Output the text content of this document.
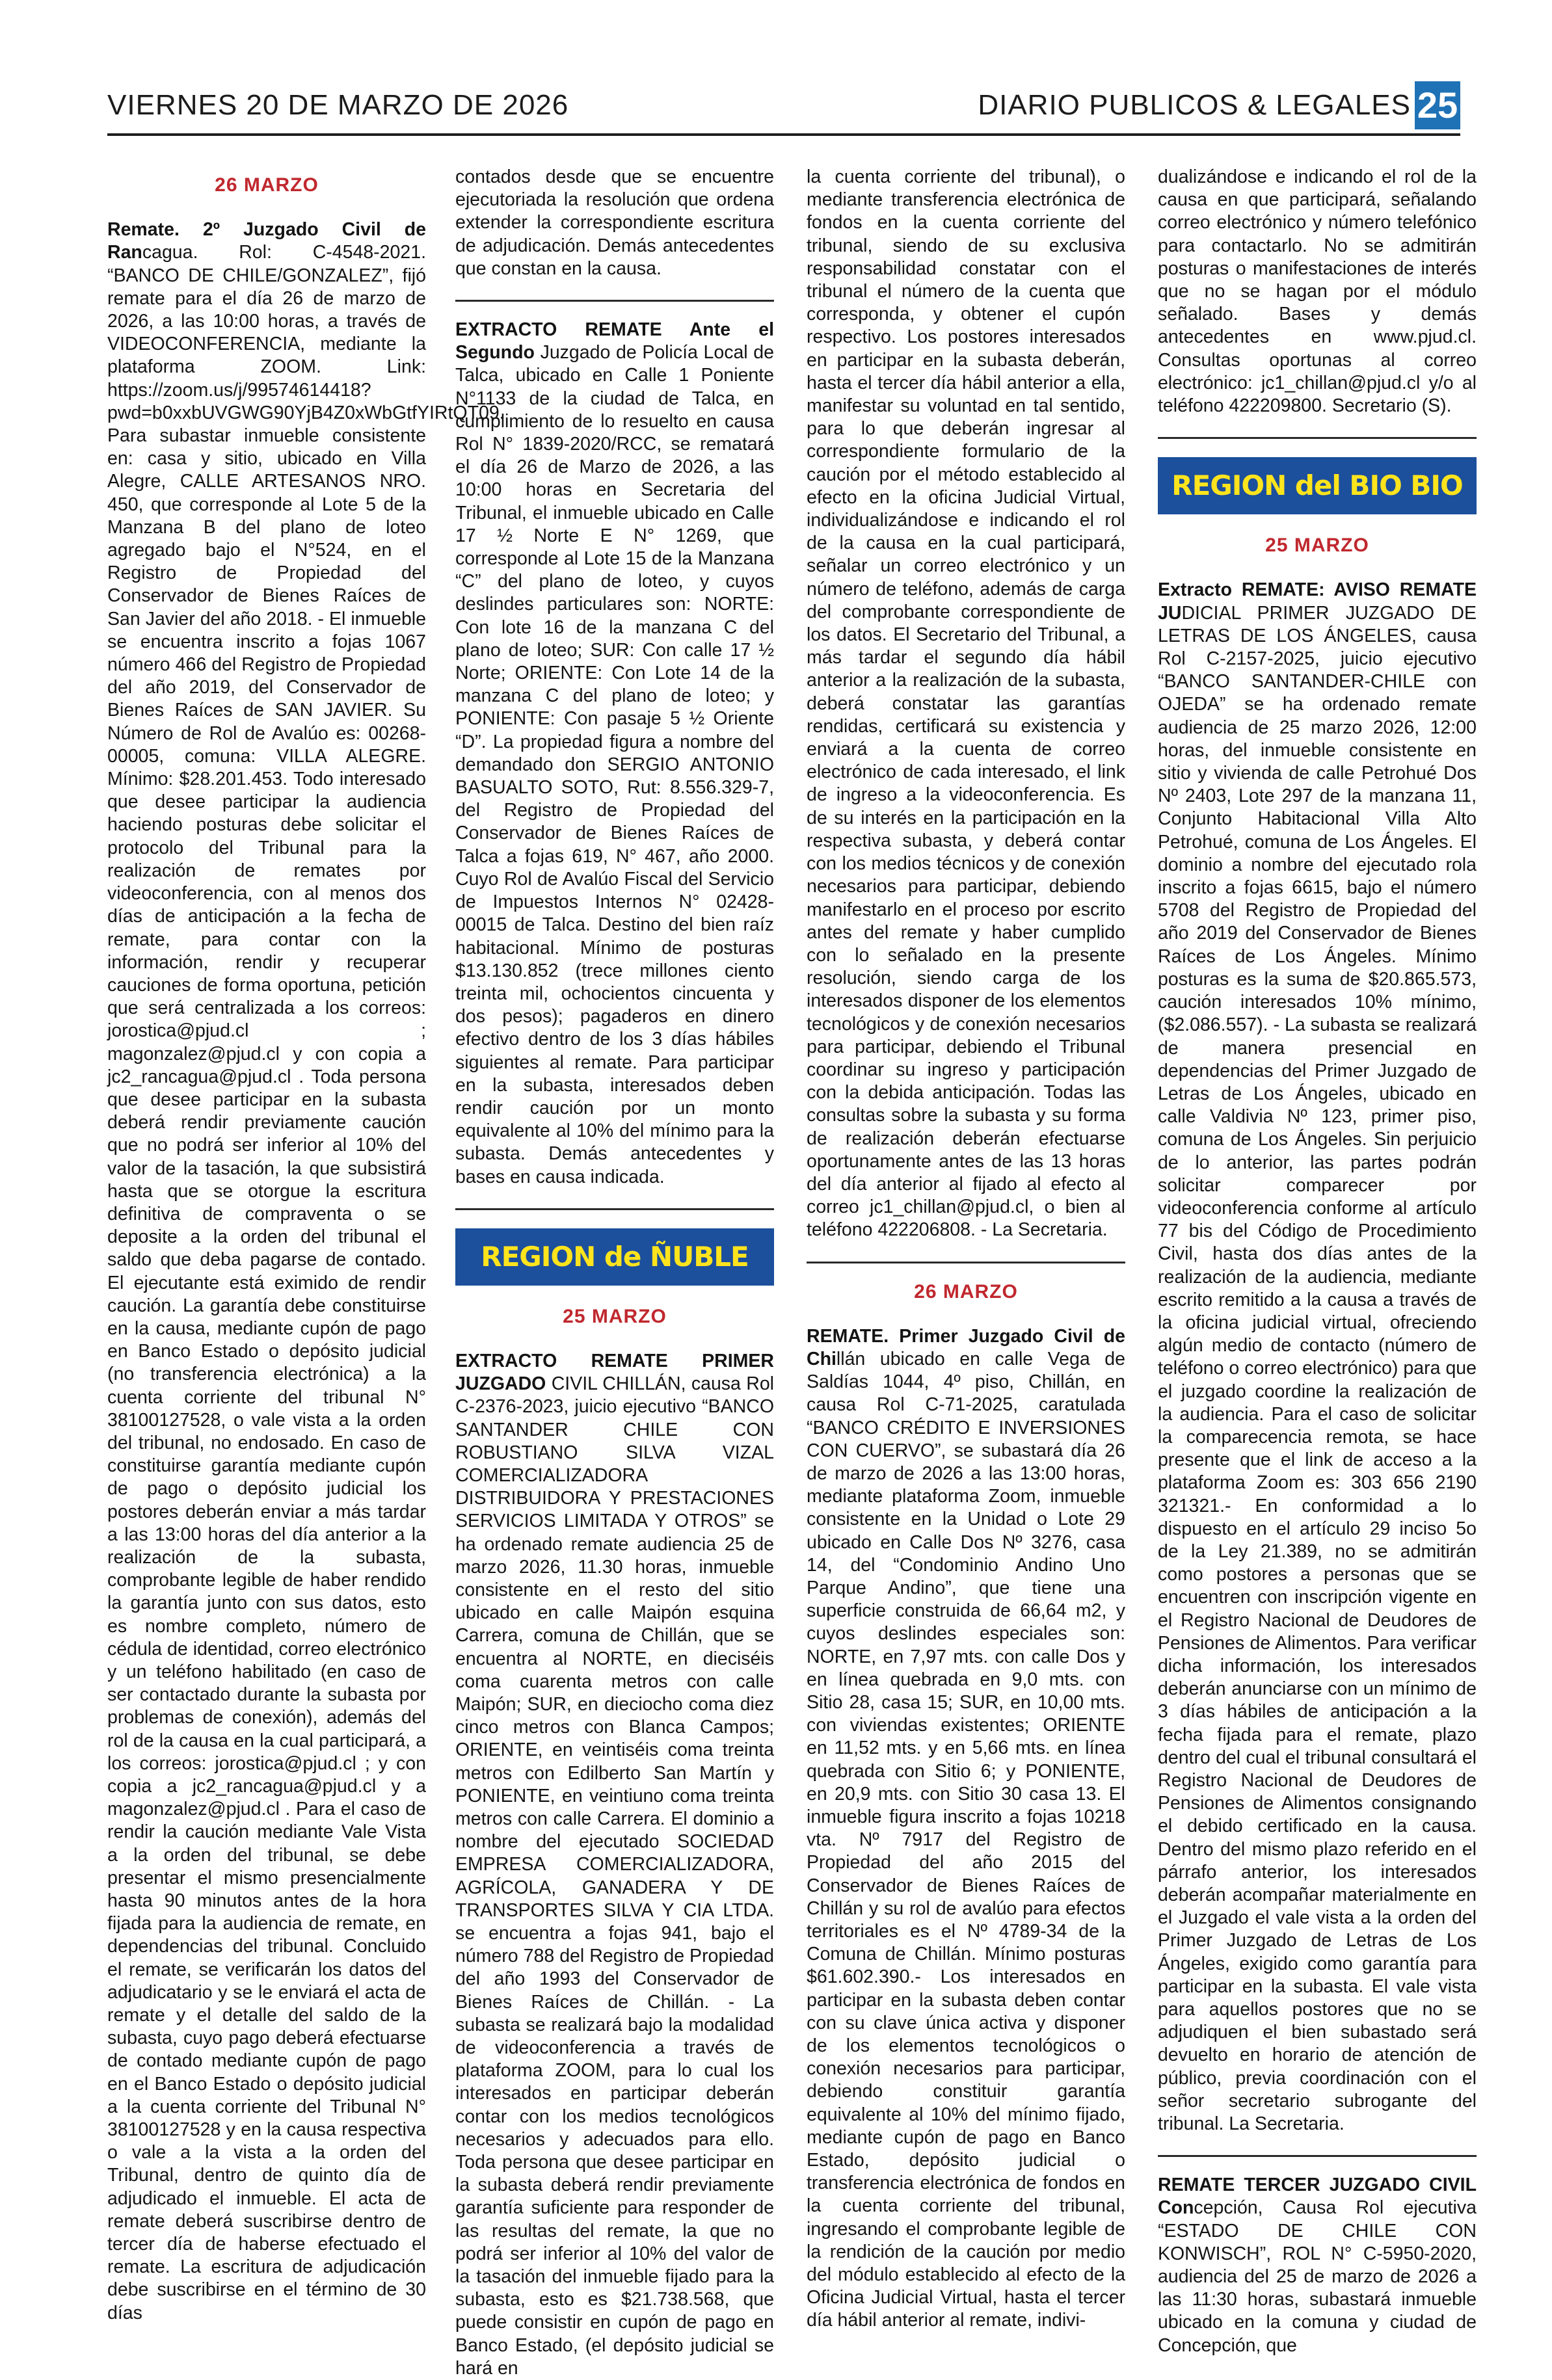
VIERNES 20 DE MARZO DE 2026	DIARIO PUBLICOS & LEGALES 25
26 MARZO

Remate. 2º Juzgado Civil de Rancagua. Rol: C-4548-2021. “BANCO DE CHILE/GONZALEZ”, fijó remate para el día 26 de marzo de 2026, a las 10:00 horas, a través de VIDEOCONFERENCIA, mediante la plataforma ZOOM. Link: https://zoom.us/j/99574614418? pwd=b0xxbUVGWG90YjB4Z0xWbGtfYIRtQT09. Para subastar inmueble consistente en: casa y sitio, ubicado en Villa Alegre, CALLE ARTESANOS NRO. 450, que corresponde al Lote 5 de la Manzana B del plano de loteo agregado bajo el N°524, en el Registro de Propiedad del Conservador de Bienes Raíces de San Javier del año 2018. - El inmueble se encuentra inscrito a fojas 1067 número 466 del Registro de Propiedad del año 2019, del Conservador de Bienes Raíces de SAN JAVIER. Su Número de Rol de Avalúo es: 00268-00005, comuna: VILLA ALEGRE. Mínimo: $28.201.453. Todo interesado que desee participar la audiencia haciendo posturas debe solicitar el protocolo del Tribunal para la realización de remates por videoconferencia, con al menos dos días de anticipación a la fecha de remate, para contar con la información, rendir y recuperar cauciones de forma oportuna, petición que será centralizada a los correos: jorostica@pjud.cl ; magonzalez@pjud.cl y con copia a jc2_rancagua@pjud.cl . Toda persona que desee participar en la subasta deberá rendir previamente caución que no podrá ser inferior al 10% del valor de la tasación, la que subsistirá hasta que se otorgue la escritura definitiva de compraventa o se deposite a la orden del tribunal el saldo que deba pagarse de contado. El ejecutante está eximido de rendir caución. La garantía debe constituirse en la causa, mediante cupón de pago en Banco Estado o depósito judicial (no transferencia electrónica) a la cuenta corriente del tribunal N° 38100127528, o vale vista a la orden del tribunal, no endosado. En caso de constituirse garantía mediante cupón de pago o depósito judicial los postores deberán enviar a más tardar a las 13:00 horas del día anterior a la realización de la subasta, comprobante legible de haber rendido la garantía junto con sus datos, esto es nombre completo, número de cédula de identidad, correo electrónico y un teléfono habilitado (en caso de ser contactado durante la subasta por problemas de conexión), además del rol de la causa en la cual participará, a los correos: jorostica@pjud.cl ; y con copia a jc2_rancagua@pjud.cl y a magonzalez@pjud.cl . Para el caso de rendir la caución mediante Vale Vista a la orden del tribunal, se debe presentar el mismo presencialmente hasta 90 minutos antes de la hora fijada para la audiencia de remate, en dependencias del tribunal. Concluido el remate, se verificarán los datos del adjudicatario y se le enviará el acta de remate y el detalle del saldo de la subasta, cuyo pago deberá efectuarse de contado mediante cupón de pago en el Banco Estado o depósito judicial a la cuenta corriente del Tribunal N° 38100127528 y en la causa respectiva o vale a la vista a la orden del Tribunal, dentro de quinto día de adjudicado el inmueble. El acta de remate deberá suscribirse dentro de tercer día de haberse efectuado el remate. La escritura de adjudicación debe suscribirse en el término de 30 días

contados desde que se encuentre ejecutoriada la resolución que ordena extender la correspondiente escritura de adjudicación. Demás antecedentes que constan en la causa.

EXTRACTO REMATE Ante el Segundo Juzgado de Policía Local de Talca, ubicado en Calle 1 Poniente N°1133 de la ciudad de Talca, en cumplimiento de lo resuelto en causa Rol N° 1839-2020/RCC, se rematará el día 26 de Marzo de 2026, a las 10:00 horas en Secretaria del Tribunal, el inmueble ubicado en Calle 17 ½ Norte E N° 1269, que corresponde al Lote 15 de la Manzana “C” del plano de loteo, y cuyos deslindes particulares son: NORTE: Con lote 16 de la manzana C del plano de loteo; SUR: Con calle 17 ½ Norte; ORIENTE: Con Lote 14 de la manzana C del plano de loteo; y PONIENTE: Con pasaje 5 ½ Oriente “D”. La propiedad figura a nombre del demandado don SERGIO ANTONIO BASUALTO SOTO, Rut: 8.556.329-7, del Registro de Propiedad del Conservador de Bienes Raíces de Talca a fojas 619, N° 467, año 2000. Cuyo Rol de Avalúo Fiscal del Servicio de Impuestos Internos N° 02428-00015 de Talca. Destino del bien raíz habitacional. Mínimo de posturas $13.130.852 (trece millones ciento treinta mil, ochocientos cincuenta y dos pesos); pagaderos en dinero efectivo dentro de los 3 días hábiles siguientes al remate. Para participar en la subasta, interesados deben rendir caución por un monto equivalente al 10% del mínimo para la subasta. Demás antecedentes y bases en causa indicada.

REGION de ÑUBLE
25 MARZO

EXTRACTO REMATE PRIMER JUZGADO CIVIL CHILLÁN, causa Rol C-2376-2023, juicio ejecutivo “BANCO SANTANDER CHILE CON ROBUSTIANO SILVA VIZAL COMERCIALIZADORA DISTRIBUIDORA Y PRESTACIONES SERVICIOS LIMITADA Y OTROS” se ha ordenado remate audiencia 25 de marzo 2026, 11.30 horas, inmueble consistente en el resto del sitio ubicado en calle Maipón esquina Carrera, comuna de Chillán, que se encuentra al NORTE, en dieciséis coma cuarenta metros con calle Maipón; SUR, en dieciocho coma diez cinco metros con Blanca Campos; ORIENTE, en veintiséis coma treinta metros con Edilberto San Martín y PONIENTE, en veintiuno coma treinta metros con calle Carrera. El dominio a nombre del ejecutado SOCIEDAD EMPRESA COMERCIALIZADORA, AGRÍCOLA, GANADERA Y DE TRANSPORTES SILVA Y CIA LTDA. se encuentra a fojas 941, bajo el número 788 del Registro de Propiedad del año 1993 del Conservador de Bienes Raíces de Chillán. - La subasta se realizará bajo la modalidad de videoconferencia a través de plataforma ZOOM, para lo cual los interesados en participar deberán contar con los medios tecnológicos necesarios y adecuados para ello. Toda persona que desee participar en la subasta deberá rendir previamente garantía suficiente para responder de las resultas del remate, la que no podrá ser inferior al 10% del valor de la tasación del inmueble fijado para la subasta, esto es $21.738.568, que puede consistir en cupón de pago en Banco Estado, (el depósito judicial se hará en

la cuenta corriente del tribunal), o mediante transferencia electrónica de fondos en la cuenta corriente del tribunal, siendo de su exclusiva responsabilidad constatar con el tribunal el número de la cuenta que corresponda, y obtener el cupón respectivo. Los postores interesados en participar en la subasta deberán, hasta el tercer día hábil anterior a ella, manifestar su voluntad en tal sentido, para lo que deberán ingresar al correspondiente formulario de la caución por el método establecido al efecto en la oficina Judicial Virtual, individualizándose e indicando el rol de la causa en la cual participará, señalar un correo electrónico y un número de teléfono, además de carga del comprobante correspondiente de los datos. El Secretario del Tribunal, a más tardar el segundo día hábil anterior a la realización de la subasta, deberá constatar las garantías rendidas, certificará su existencia y enviará a la cuenta de correo electrónico de cada interesado, el link de ingreso a la videoconferencia. Es de su interés en la participación en la respectiva subasta, y deberá contar con los medios técnicos y de conexión necesarios para participar, debiendo manifestarlo en el proceso por escrito antes del remate y haber cumplido con lo señalado en la presente resolución, siendo carga de los interesados disponer de los elementos tecnológicos y de conexión necesarios para participar, debiendo el Tribunal coordinar su ingreso y participación con la debida anticipación. Todas las consultas sobre la subasta y su forma de realización deberán efectuarse oportunamente antes de las 13 horas del día anterior al fijado al efecto al correo jc1_chillan@pjud.cl, o bien al teléfono 422206808. - La Secretaria.

26 MARZO

REMATE. Primer Juzgado Civil de Chillán ubicado en calle Vega de Saldías 1044, 4º piso, Chillán, en causa Rol C-71-2025, caratulada “BANCO CRÉDITO E INVERSIONES CON CUERVO”, se subastará día 26 de marzo de 2026 a las 13:00 horas, mediante plataforma Zoom, inmueble consistente en la Unidad o Lote 29 ubicado en Calle Dos Nº 3276, casa 14, del “Condominio Andino Uno Parque Andino”, que tiene una superficie construida de 66,64 m2, y cuyos deslindes especiales son: NORTE, en 7,97 mts. con calle Dos y en línea quebrada en 9,0 mts. con Sitio 28, casa 15; SUR, en 10,00 mts. con viviendas existentes; ORIENTE en 11,52 mts. y en 5,66 mts. en línea quebrada con Sitio 6; y PONIENTE, en 20,9 mts. con Sitio 30 casa 13. El inmueble figura inscrito a fojas 10218 vta. Nº 7917 del Registro de Propiedad del año 2015 del Conservador de Bienes Raíces de Chillán y su rol de avalúo para efectos territoriales es el Nº 4789-34 de la Comuna de Chillán. Mínimo posturas $61.602.390.- Los interesados en participar en la subasta deben contar con su clave única activa y disponer de los elementos tecnológicos o conexión necesarios para participar, debiendo constituir garantía equivalente al 10% del mínimo fijado, mediante cupón de pago en Banco Estado, depósito judicial o transferencia electrónica de fondos en la cuenta corriente del tribunal, ingresando el comprobante legible de la rendición de la caución por medio del módulo establecido al efecto de la Oficina Judicial Virtual, hasta el tercer día hábil anterior al remate, indivi-

dualizándose e indicando el rol de la causa en que participará, señalando correo electrónico y número telefónico para contactarlo. No se admitirán posturas o manifestaciones de interés que no se hagan por el módulo señalado. Bases y demás antecedentes en www.pjud.cl. Consultas oportunas al correo electrónico: jc1_chillan@pjud.cl y/o al teléfono 422209800. Secretario (S).

REGION del BIO BIO
25 MARZO

Extracto REMATE: AVISO REMATE JUDICIAL PRIMER JUZGADO DE LETRAS DE LOS ÁNGELES, causa Rol C-2157-2025, juicio ejecutivo “BANCO SANTANDER-CHILE con OJEDA” se ha ordenado remate audiencia de 25 marzo 2026, 12:00 horas, del inmueble consistente en sitio y vivienda de calle Petrohué Dos Nº 2403, Lote 297 de la manzana 11, Conjunto Habitacional Villa Alto Petrohué, comuna de Los Ángeles. El dominio a nombre del ejecutado rola inscrito a fojas 6615, bajo el número 5708 del Registro de Propiedad del año 2019 del Conservador de Bienes Raíces de Los Ángeles. Mínimo posturas es la suma de $20.865.573, caución interesados 10% mínimo, ($2.086.557). - La subasta se realizará de manera presencial en dependencias del Primer Juzgado de Letras de Los Ángeles, ubicado en calle Valdivia Nº 123, primer piso, comuna de Los Ángeles. Sin perjuicio de lo anterior, las partes podrán solicitar comparecer por videoconferencia conforme al artículo 77 bis del Código de Procedimiento Civil, hasta dos días antes de la realización de la audiencia, mediante escrito remitido a la causa a través de la oficina judicial virtual, ofreciendo algún medio de contacto (número de teléfono o correo electrónico) para que el juzgado coordine la realización de la audiencia. Para el caso de solicitar la comparecencia remota, se hace presente que el link de acceso a la plataforma Zoom es: 303 656 2190 321321.- En conformidad a lo dispuesto en el artículo 29 inciso 5o de la Ley 21.389, no se admitirán como postores a personas que se encuentren con inscripción vigente en el Registro Nacional de Deudores de Pensiones de Alimentos. Para verificar dicha información, los interesados deberán anunciarse con un mínimo de 3 días hábiles de anticipación a la fecha fijada para el remate, plazo dentro del cual el tribunal consultará el Registro Nacional de Deudores de Pensiones de Alimentos consignando el debido certificado en la causa. Dentro del mismo plazo referido en el párrafo anterior, los interesados deberán acompañar materialmente en el Juzgado el vale vista a la orden del Primer Juzgado de Letras de Los Ángeles, exigido como garantía para participar en la subasta. El vale vista para aquellos postores que no se adjudiquen el bien subastado será devuelto en horario de atención de público, previa coordinación con el señor secretario subrogante del tribunal. La Secretaria.

REMATE TERCER JUZGADO CIVIL Concepción, Causa Rol ejecutiva “ESTADO DE CHILE CON KONWISCH”, ROL N° C-5950-2020, audiencia del 25 de marzo de 2026 a las 11:30 horas, subastará inmueble ubicado en la comuna y ciudad de Concepción, que
